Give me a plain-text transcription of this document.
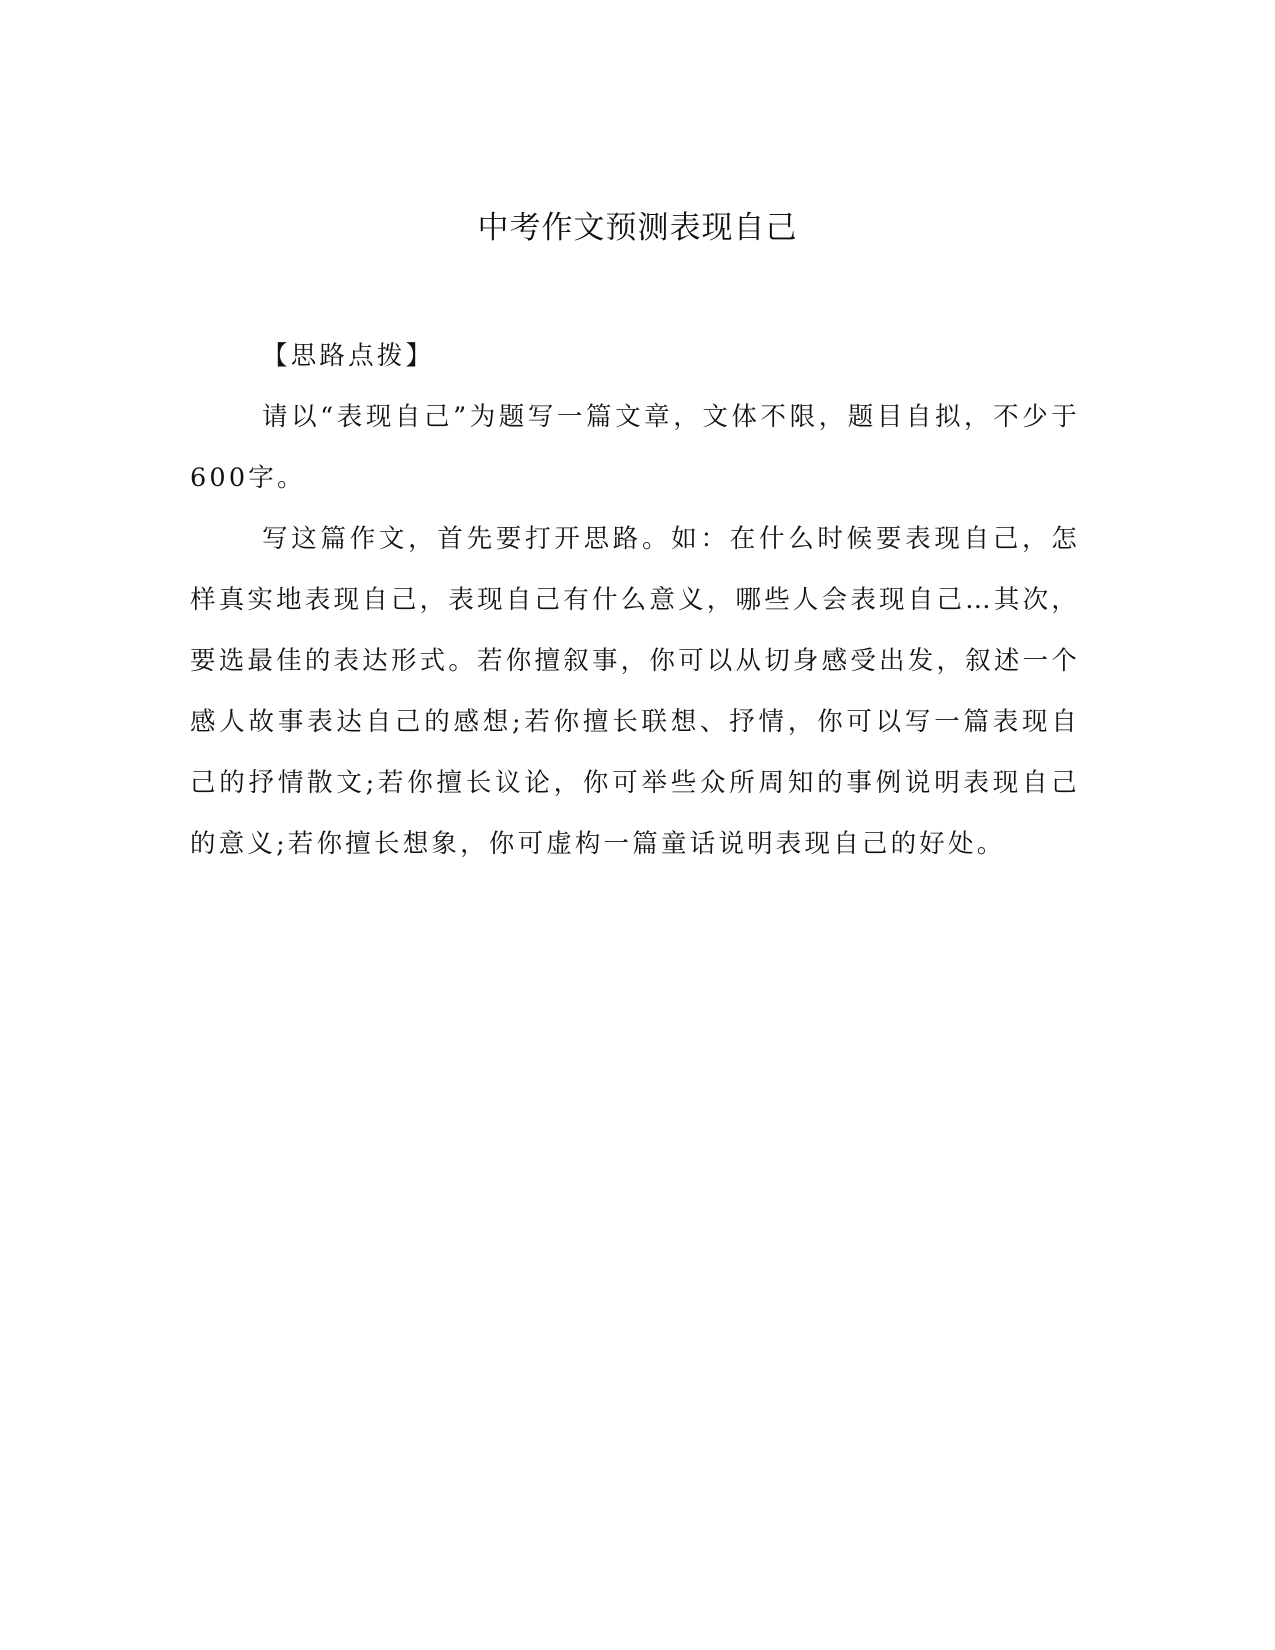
中考作文预测表现自己

【思路点拨】

请以“表现自己”为题写一篇文章，文体不限，题目自拟，不少于600字。

写这篇作文，首先要打开思路。如：在什么时候要表现自己，怎样真实地表现自己，表现自己有什么意义，哪些人会表现自己…其次，要选最佳的表达形式。若你擅叙事，你可以从切身感受出发，叙述一个感人故事表达自己的感想;若你擅长联想、抒情，你可以写一篇表现自己的抒情散文;若你擅长议论，你可举些众所周知的事例说明表现自己的意义;若你擅长想象，你可虚构一篇童话说明表现自己的好处。
